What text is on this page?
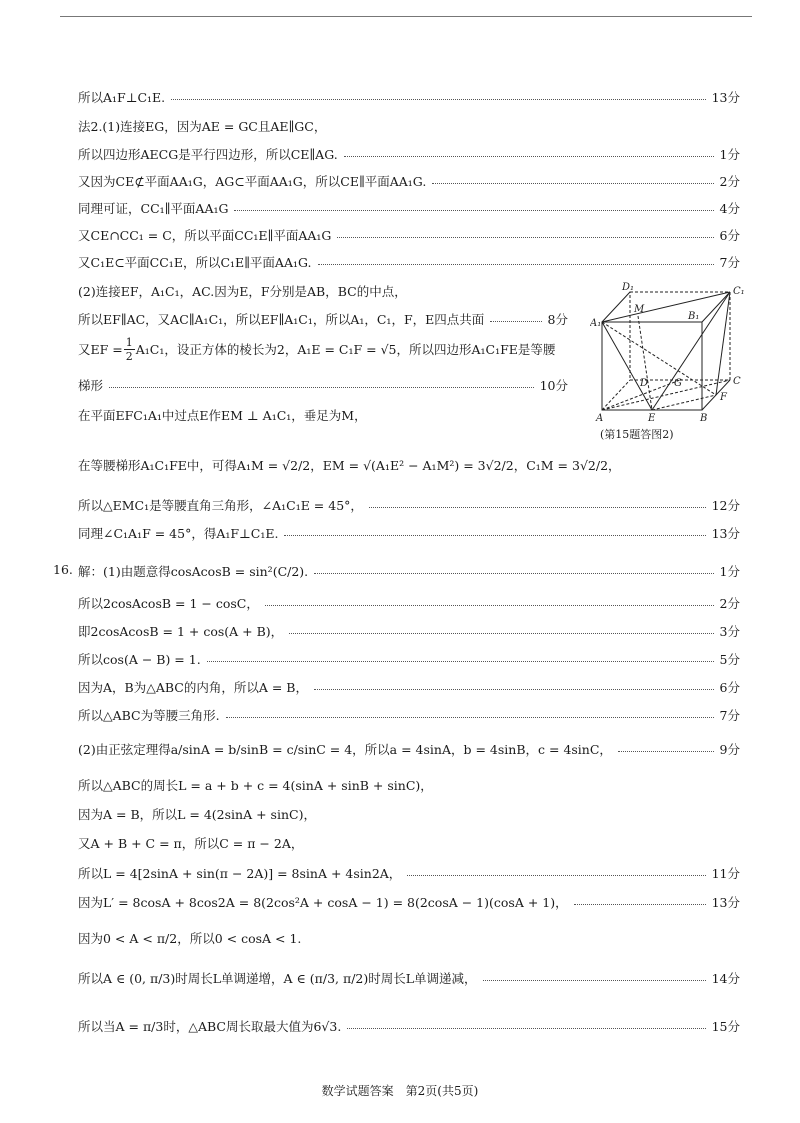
所以A₁F⊥C₁E.	13分
法2.(1)连接EG，因为AE = GC且AE∥GC，
所以四边形AECG是平行四边形，所以CE∥AG.	1分
又因为CE⊄平面AA₁G，AG⊂平面AA₁G，所以CE∥平面AA₁G.	2分
同理可证，CC₁∥平面AA₁G	4分
又CE∩CC₁ = C，所以平面CC₁E∥平面AA₁G	6分
又C₁E⊂平面CC₁E，所以C₁E∥平面AA₁G.	7分
(2)连接EF，A₁C₁，AC.因为E，F分别是AB，BC的中点，
所以EF∥AC，又AC∥A₁C₁，所以EF∥A₁C₁，所以A₁，C₁，F，E四点共面	8分
又EF = $\frac{1}{2} A_1C_1$，设正方体的棱长为2，A₁E = C₁F = √5，所以四边形A₁C₁FE是等腰
梯形	10分
在平面EFC₁A₁中过点E作EM ⊥ A₁C₁，垂足为M，
在等腰梯形A₁C₁FE中，可得A₁M = √2/2，EM = √(A₁E² − A₁M²) = 3√2/2，C₁M = 3√2/2，
所以△EMC₁是等腰直角三角形，∠A₁C₁E = 45°，	12分
同理∠C₁A₁F = 45°，得A₁F⊥C₁E.	13分
16. 解：(1)由题意得cosAcosB = sin²(C/2).	1分
所以2cosAcosB = 1 − cosC，	2分
即2cosAcosB = 1 + cos(A + B)，	3分
所以cos(A − B) = 1.	5分
因为A，B为△ABC的内角，所以A = B，	6分
所以△ABC为等腰三角形.	7分
(2)由正弦定理得a/sinA = b/sinB = c/sinC = 4，所以a = 4sinA，b = 4sinB，c = 4sinC，	9分
所以△ABC的周长L = a + b + c = 4(sinA + sinB + sinC)，
因为A = B，所以L = 4(2sinA + sinC)，
又A + B + C = π，所以C = π − 2A，
所以L = 4[2sinA + sin(π − 2A)] = 8sinA + 4sin2A，	11分
因为L′ = 8cosA + 8cos2A = 8(2cos²A + cosA − 1) = 8(2cosA − 1)(cosA + 1)，	13分
因为0 < A < π/2，所以0 < cosA < 1.
所以A ∈ (0, π/3)时周长L单调递增，A ∈ (π/3, π/2)时周长L单调递减，	14分
所以当A = π/3时，△ABC周长取最大值为6√3.	15分
D₁	C₁
A₁
B₁
M
D	C
G
F
A	E	B
(第15题答图2)
数学试题答案　第2页(共5页)
